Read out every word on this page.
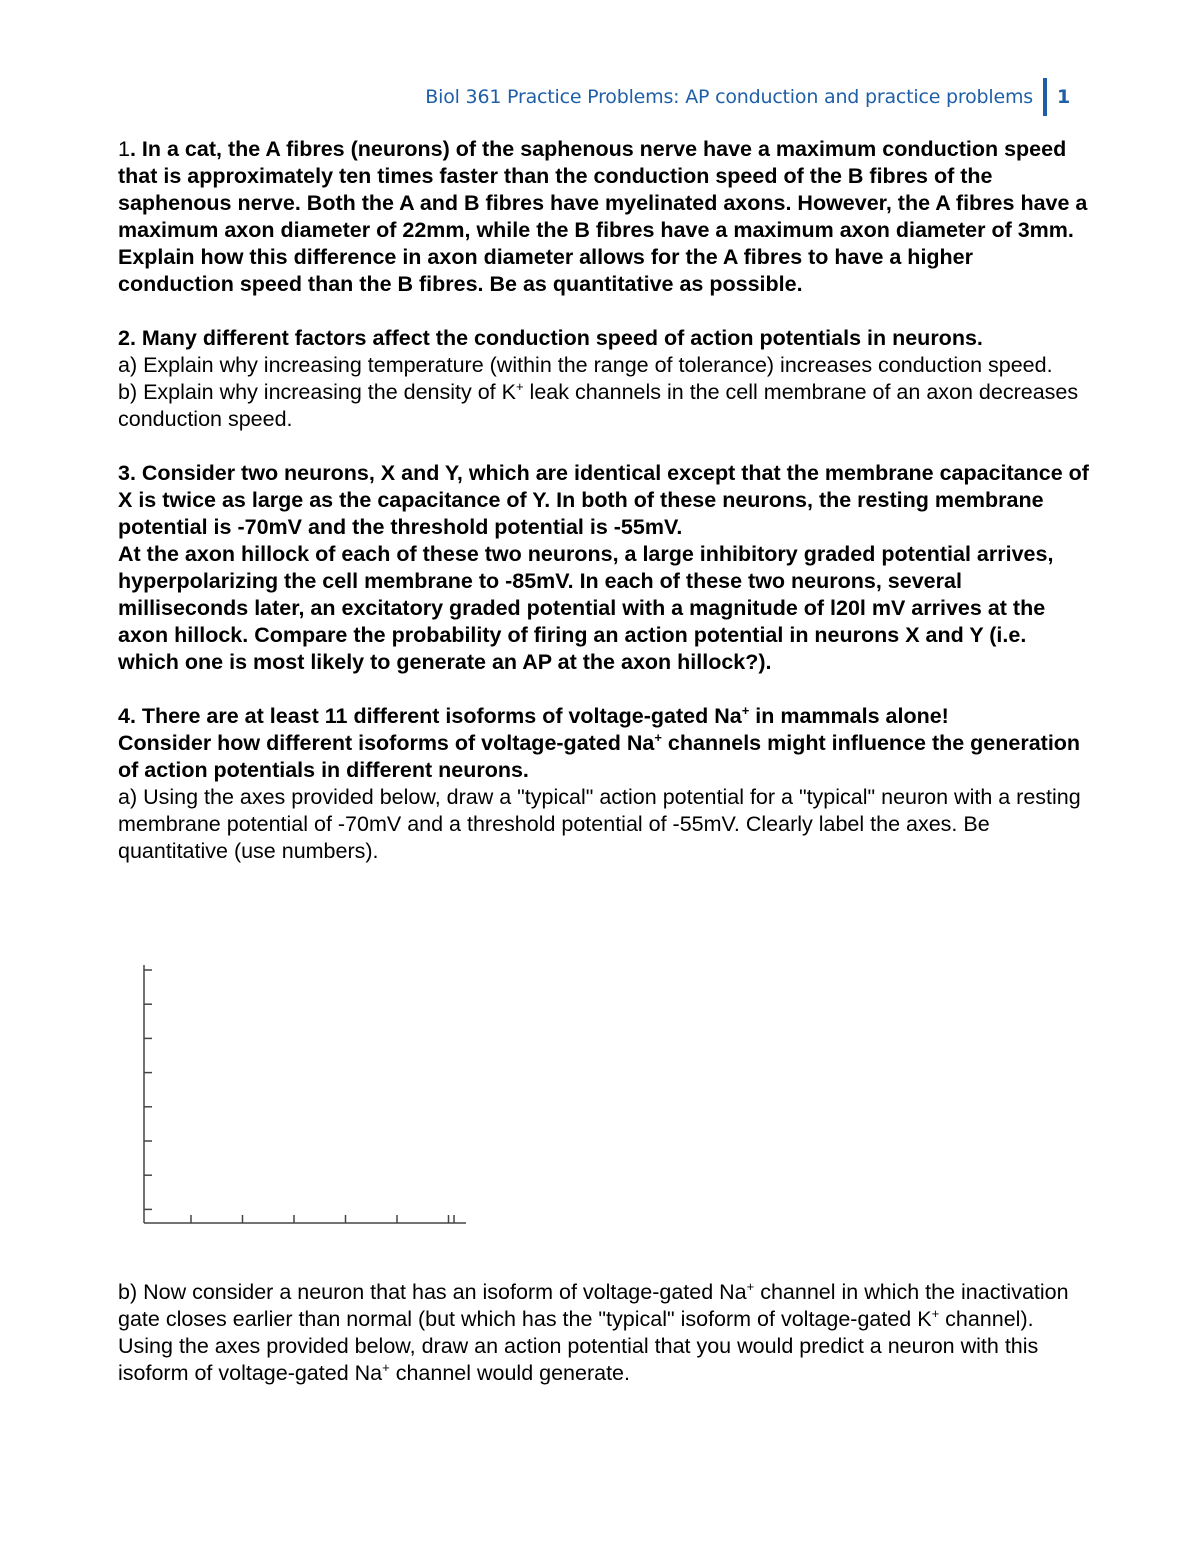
Biol 361 Practice Problems: AP conduction and practice problems	1

1. In a cat, the A fibres (neurons) of the saphenous nerve have a maximum conduction speed that is approximately ten times faster than the conduction speed of the B fibres of the saphenous nerve. Both the A and B fibres have myelinated axons. However, the A fibres have a maximum axon diameter of 22mm, while the B fibres have a maximum axon diameter of 3mm. Explain how this difference in axon diameter allows for the A fibres to have a higher conduction speed than the B fibres. Be as quantitative as possible.

2. Many different factors affect the conduction speed of action potentials in neurons.

a) Explain why increasing temperature (within the range of tolerance) increases conduction speed.

b) Explain why increasing the density of K+ leak channels in the cell membrane of an axon decreases conduction speed.

3. Consider two neurons, X and Y, which are identical except that the membrane capacitance of X is twice as large as the capacitance of Y. In both of these neurons, the resting membrane potential is -70mV and the threshold potential is -55mV.

At the axon hillock of each of these two neurons, a large inhibitory graded potential arrives, hyperpolarizing the cell membrane to -85mV. In each of these two neurons, several milliseconds later, an excitatory graded potential with a magnitude of l20l mV arrives at the axon hillock. Compare the probability of firing an action potential in neurons X and Y (i.e. which one is most likely to generate an AP at the axon hillock?).

4. There are at least 11 different isoforms of voltage-gated Na+ in mammals alone!

Consider how different isoforms of voltage-gated Na+ channels might influence the generation of action potentials in different neurons.

a) Using the axes provided below, draw a "typical" action potential for a "typical" neuron with a resting membrane potential of -70mV and a threshold potential of -55mV. Clearly label the axes. Be quantitative (use numbers).

b) Now consider a neuron that has an isoform of voltage-gated Na+ channel in which the inactivation gate closes earlier than normal (but which has the "typical" isoform of voltage-gated K+ channel). Using the axes provided below, draw an action potential that you would predict a neuron with this isoform of voltage-gated Na+ channel would generate.
